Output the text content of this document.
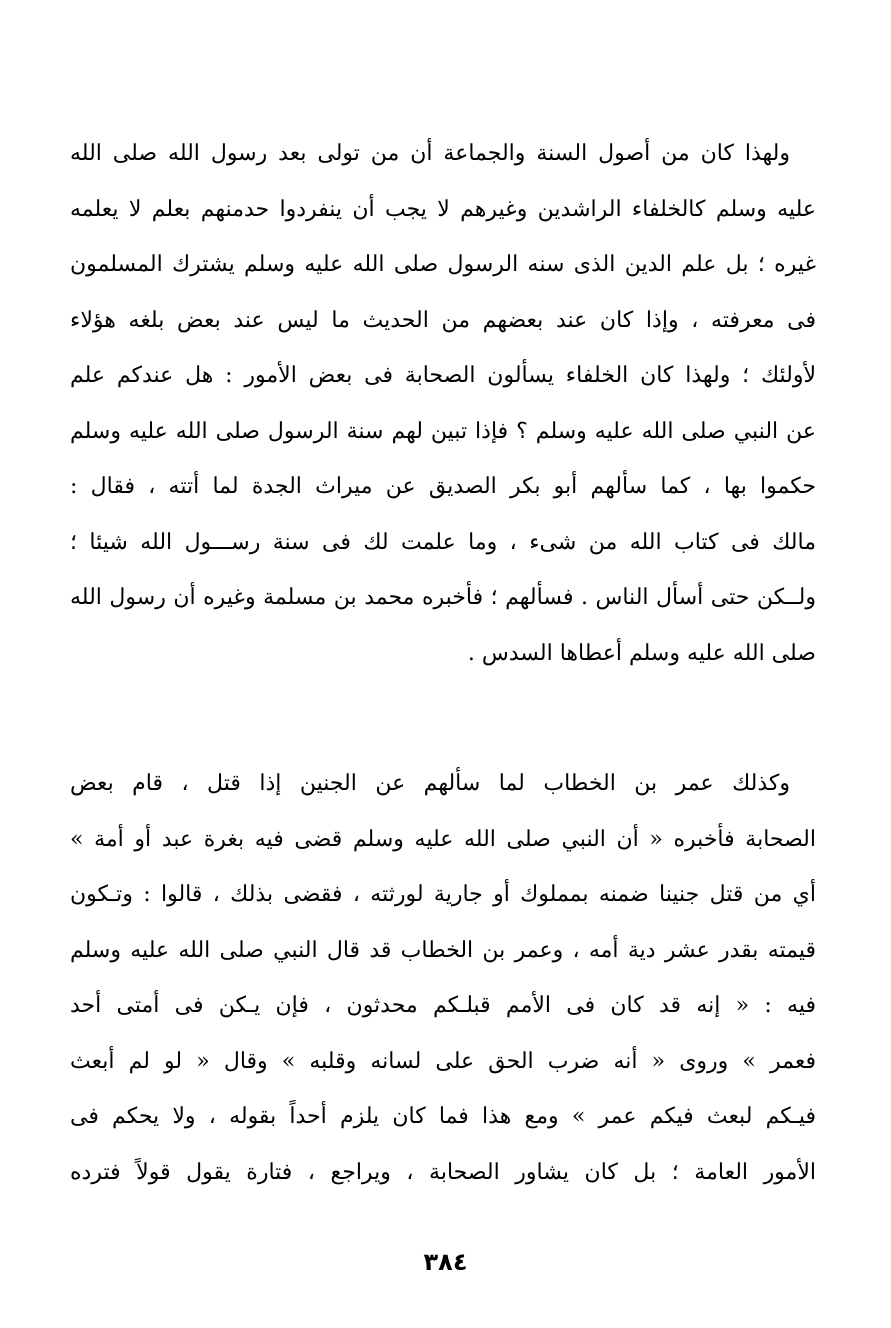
ولهذا كان من أصول السنة والجماعة أن من تولى بعد رسول الله صلى الله
عليه وسلم كالخلفاء الراشدين وغيرهم لا يجب أن ينفردوا حدمنهم بعلم لا يعلمه
غيره ؛ بل علم الدين الذى سنه الرسول صلى الله عليه وسلم يشترك المسلمون
فى معرفته ، وإذا كان عند بعضهم من الحديث ما ليس عند بعض بلغه هؤلاء
لأولئك ؛ ولهذا كان الخلفاء يسألون الصحابة فى بعض الأمور : هل عندكم علم
عن النبي صلى الله عليه وسلم ؟ فإذا تبين لهم سنة الرسول صلى الله عليه وسلم
حكموا بها ، كما سألهم أبو بكر الصديق عن ميراث الجدة لما أتته ، فقال :
مالك فى كتاب الله من شىء ، وما علمت لك فى سنة رســـول الله شيئا ؛
ولــكن حتى أسأل الناس . فسألهم ؛ فأخبره محمد بن مسلمة وغيره أن رسول الله
صلى الله عليه وسلم أعطاها السدس .
وكذلك عمر بن الخطاب لما سألهم عن الجنين إذا قتل ، قام بعض
الصحابة فأخبره « أن النبي صلى الله عليه وسلم قضى فيه بغرة عبد أو أمة »
أي من قتل جنينا ضمنه بمملوك أو جارية لورثته ، فقضى بذلك ، قالوا : وتـكون
قيمته بقدر عشر دية أمه ، وعمر بن الخطاب قد قال النبي صلى الله عليه وسلم
فيه : « إنه قد كان فى الأمم قبلـكم محدثون ، فإن يـكن فى أمتى أحد
فعمر » وروى « أنه ضرب الحق على لسانه وقلبه » وقال « لو لم أبعث
فيـكم لبعث فيكم عمر » ومع هذا فما كان يلزم أحداً بقوله ، ولا يحكم فى
الأمور العامة ؛ بل كان يشاور الصحابة ، ويراجع ، فتارة يقول قولاً فترده
٣٨٤
